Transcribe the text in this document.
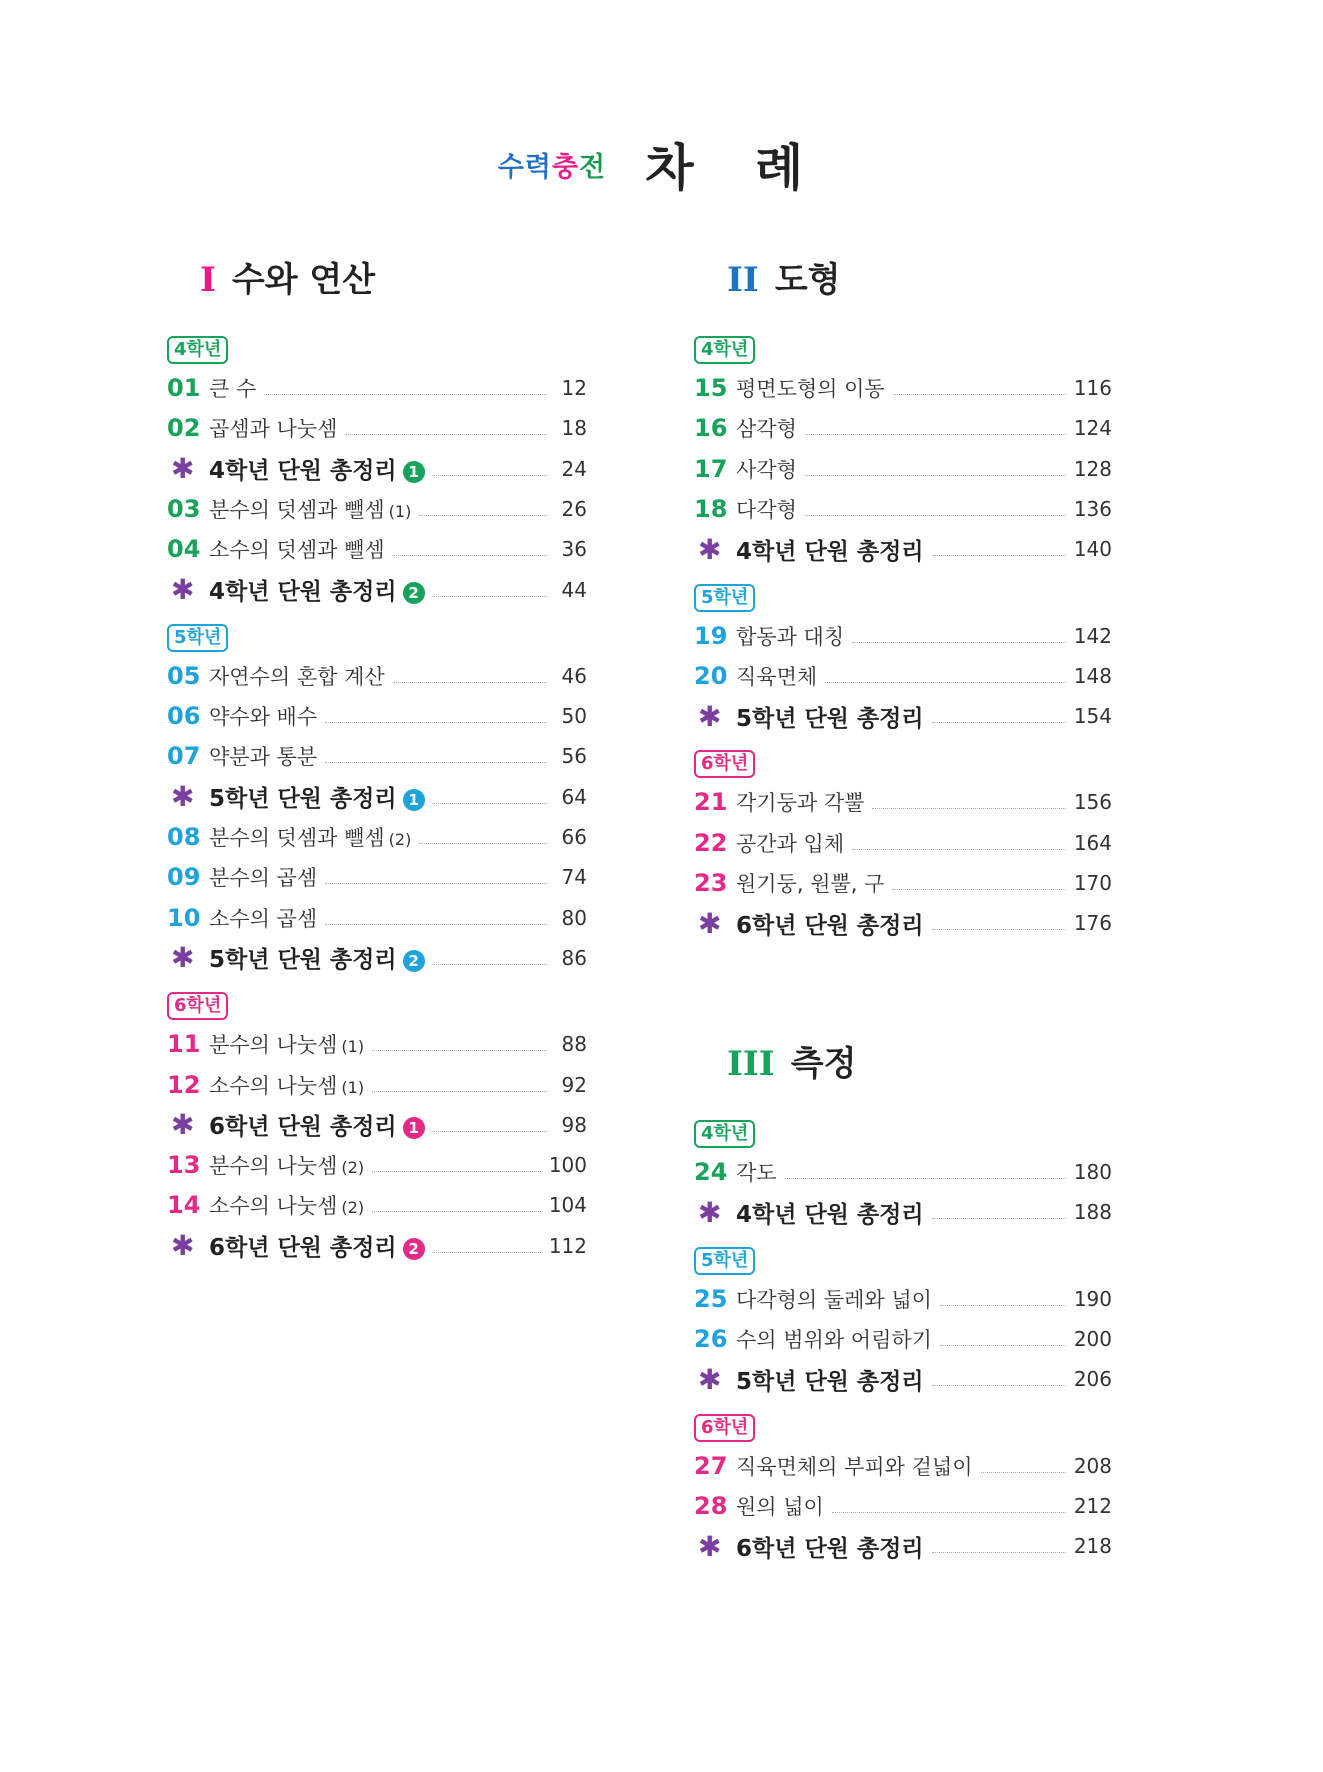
수력충전 차 례
I 수와 연산
4학년
01 큰 수	12
02 곱셈과 나눗셈	18
✱ 4학년 단원 총정리 1	24
03 분수의 덧셈과 뺄셈 (1)	26
04 소수의 덧셈과 뺄셈	36
✱ 4학년 단원 총정리 2	44
5학년
05 자연수의 혼합 계산	46
06 약수와 배수	50
07 약분과 통분	56
✱ 5학년 단원 총정리 1	64
08 분수의 덧셈과 뺄셈 (2)	66
09 분수의 곱셈	74
10 소수의 곱셈	80
✱ 5학년 단원 총정리 2	86
6학년
11 분수의 나눗셈 (1)	88
12 소수의 나눗셈 (1)	92
✱ 6학년 단원 총정리 1	98
13 분수의 나눗셈 (2)	100
14 소수의 나눗셈 (2)	104
✱ 6학년 단원 총정리 2	112
II 도형
4학년
15 평면도형의 이동	116
16 삼각형	124
17 사각형	128
18 다각형	136
✱ 4학년 단원 총정리	140
5학년
19 합동과 대칭	142
20 직육면체	148
✱ 5학년 단원 총정리	154
6학년
21 각기둥과 각뿔	156
22 공간과 입체	164
23 원기둥, 원뿔, 구	170
✱ 6학년 단원 총정리	176
III 측정
4학년
24 각도	180
✱ 4학년 단원 총정리	188
5학년
25 다각형의 둘레와 넓이	190
26 수의 범위와 어림하기	200
✱ 5학년 단원 총정리	206
6학년
27 직육면체의 부피와 겉넓이	208
28 원의 넓이	212
✱ 6학년 단원 총정리	218
